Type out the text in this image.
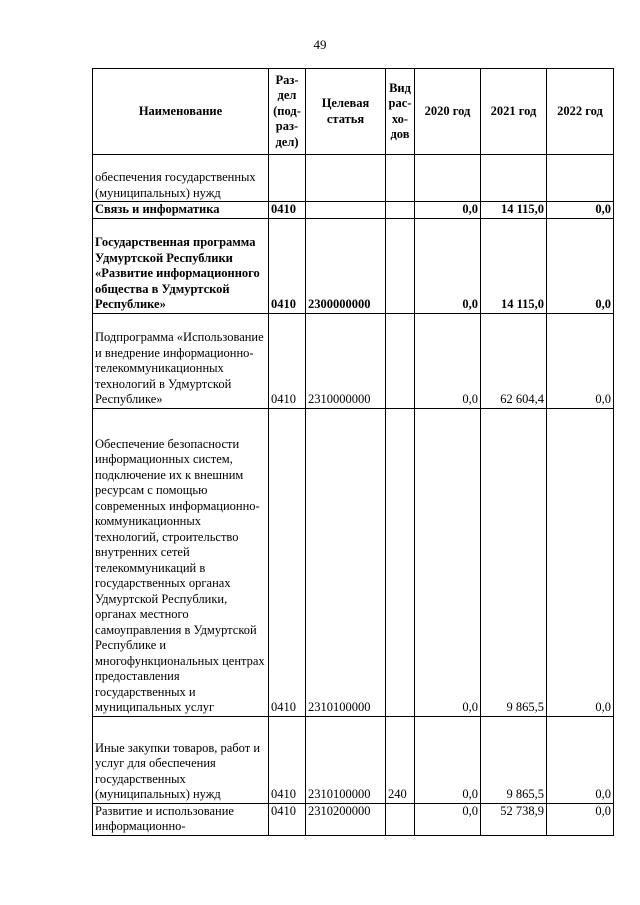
49
Наименование	Раз-дел (под-раз-дел)	Целевая статья	Вид рас-хо-дов	2020 год	2021 год	2022 год
обеспечения государственных (муниципальных) нужд						
Связь и информатика	0410			0,0	14 115,0	0,0
Государственная программа Удмуртской Республики «Развитие информационного общества в Удмуртской Республике»	0410	2300000000		0,0	14 115,0	0,0
Подпрограмма «Использование и внедрение информационно-телекоммуникационных технологий в Удмуртской Республике»	0410	2310000000		0,0	62 604,4	0,0
Обеспечение безопасности информационных систем, подключение их к внешним ресурсам с помощью современных информационно-коммуникационных технологий, строительство внутренних сетей телекоммуникаций в государственных органах Удмуртской Республики, органах местного самоуправления в Удмуртской Республике и многофункциональных центрах предоставления государственных и муниципальных услуг	0410	2310100000		0,0	9 865,5	0,0
Иные закупки товаров, работ и услуг для обеспечения государственных (муниципальных) нужд	0410	2310100000	240	0,0	9 865,5	0,0
Развитие и использование информационно-	0410	2310200000		0,0	52 738,9	0,0
